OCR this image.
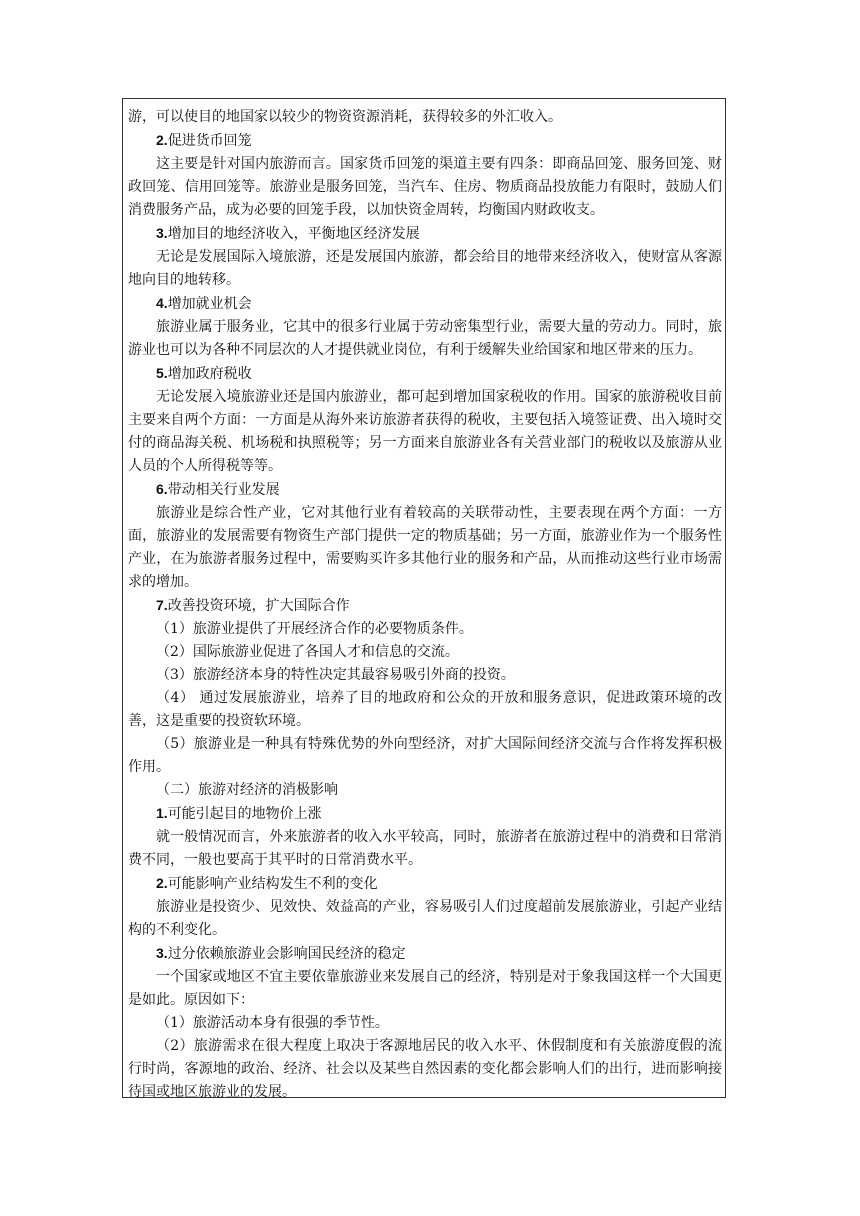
游，可以使目的地国家以较少的物资资源消耗，获得较多的外汇收入。

2.促进货币回笼

这主要是针对国内旅游而言。国家货币回笼的渠道主要有四条：即商品回笼、服务回笼、财政回笼、信用回笼等。旅游业是服务回笼，当汽车、住房、物质商品投放能力有限时，鼓励人们消费服务产品，成为必要的回笼手段，以加快资金周转，均衡国内财政收支。

3.增加目的地经济收入，平衡地区经济发展

无论是发展国际入境旅游，还是发展国内旅游，都会给目的地带来经济收入，使财富从客源地向目的地转移。

4.增加就业机会

旅游业属于服务业，它其中的很多行业属于劳动密集型行业，需要大量的劳动力。同时，旅游业也可以为各种不同层次的人才提供就业岗位，有利于缓解失业给国家和地区带来的压力。

5.增加政府税收

无论发展入境旅游业还是国内旅游业，都可起到增加国家税收的作用。国家的旅游税收目前主要来自两个方面：一方面是从海外来访旅游者获得的税收，主要包括入境签证费、出入境时交付的商品海关税、机场税和执照税等；另一方面来自旅游业各有关营业部门的税收以及旅游从业人员的个人所得税等等。

6.带动相关行业发展

旅游业是综合性产业，它对其他行业有着较高的关联带动性，主要表现在两个方面：一方面，旅游业的发展需要有物资生产部门提供一定的物质基础；另一方面，旅游业作为一个服务性产业，在为旅游者服务过程中，需要购买许多其他行业的服务和产品，从而推动这些行业市场需求的增加。

7.改善投资环境，扩大国际合作

（1）旅游业提供了开展经济合作的必要物质条件。

（2）国际旅游业促进了各国人才和信息的交流。

（3）旅游经济本身的特性决定其最容易吸引外商的投资。

（4） 通过发展旅游业，培养了目的地政府和公众的开放和服务意识，促进政策环境的改善，这是重要的投资软环境。

（5）旅游业是一种具有特殊优势的外向型经济，对扩大国际间经济交流与合作将发挥积极作用。

（二）旅游对经济的消极影响

1.可能引起目的地物价上涨

就一般情况而言，外来旅游者的收入水平较高，同时，旅游者在旅游过程中的消费和日常消费不同，一般也要高于其平时的日常消费水平。

2.可能影响产业结构发生不利的变化

旅游业是投资少、见效快、效益高的产业，容易吸引人们过度超前发展旅游业，引起产业结构的不利变化。

3.过分依赖旅游业会影响国民经济的稳定

一个国家或地区不宜主要依靠旅游业来发展自己的经济，特别是对于象我国这样一个大国更是如此。原因如下：

（1）旅游活动本身有很强的季节性。

（2）旅游需求在很大程度上取决于客源地居民的收入水平、休假制度和有关旅游度假的流行时尚，客源地的政治、经济、社会以及某些自然因素的变化都会影响人们的出行，进而影响接待国或地区旅游业的发展。
